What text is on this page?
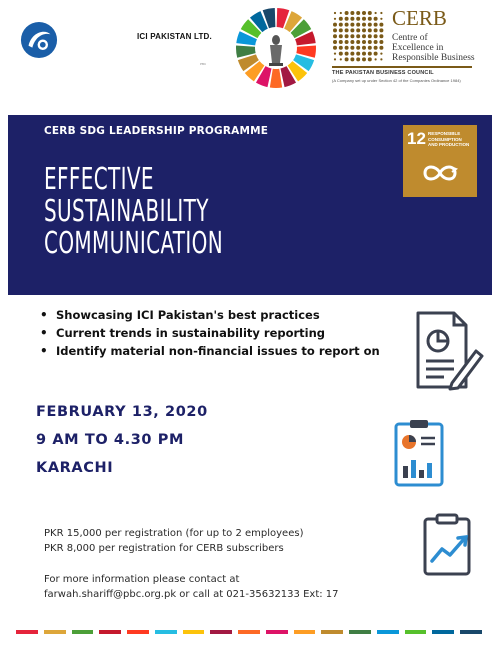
ICI PAKISTAN LTD.
PBC
CERB
Centre of
Excellence in
Responsible Business
THE PAKISTAN BUSINESS COUNCIL
(A Company set up under Section 42 of the Companies Ordinance 1984)
CERB SDG LEADERSHIP PROGRAMME
EFFECTIVE
SUSTAINABILITY
COMMUNICATION
12 RESPONSIBLE
CONSUMPTION
AND PRODUCTION
• Showcasing ICI Pakistan's best practices
• Current trends in sustainability reporting
• Identify material non-financial issues to report on
FEBRUARY 13, 2020
9 AM TO 4.30 PM
KARACHI
PKR 15,000 per registration (for up to 2 employees)
PKR 8,000 per registration for CERB subscribers
For more information please contact at
farwah.shariff@pbc.org.pk or call at 021-35632133 Ext: 17
